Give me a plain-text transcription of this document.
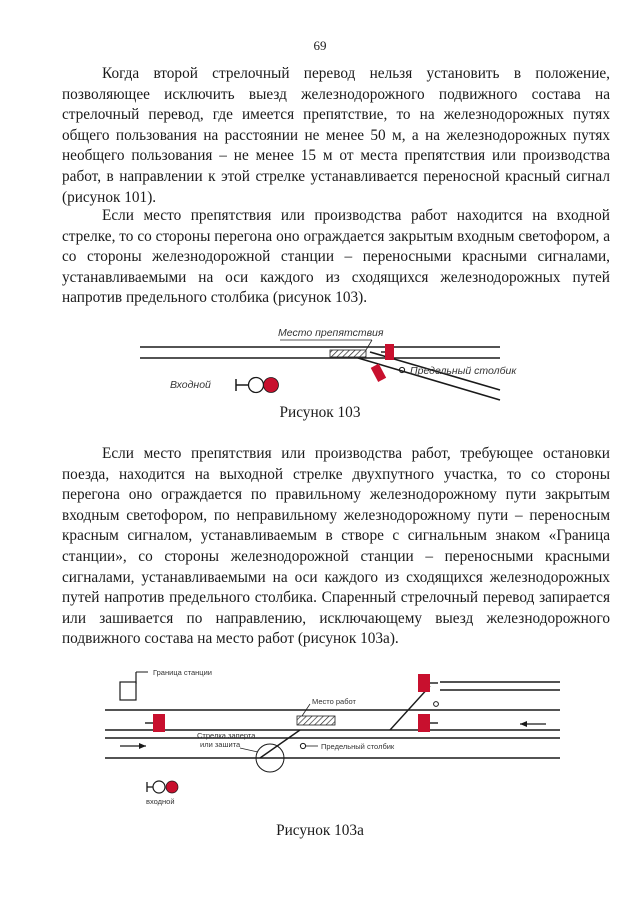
69

Когда второй стрелочный перевод нельзя установить в положение, позволяющее исключить выезд железнодорожного подвижного состава на стрелочный перевод, где имеется препятствие, то на железнодорожных путях общего пользования на расстоянии не менее 50 м, а на железнодорожных путях необщего пользования – не менее 15 м от места препятствия или производства работ, в направлении к этой стрелке устанавливается переносной красный сигнал (рисунок 101).

Если место препятствия или производства работ находится на входной стрелке, то со стороны перегона оно ограждается закрытым входным светофором, а со стороны железнодорожной станции – переносными красными сигналами, устанавливаемыми на оси каждого из сходящихся железнодорожных путей напротив предельного столбика (рисунок 103).

Место препятствия
Предельный столбик
Входной
Рисунок 103

Если место препятствия или производства работ, требующее остановки поезда, находится на выходной стрелке двухпутного участка, то со стороны перегона оно ограждается по правильному железнодорожному пути закрытым входным светофором, по неправильному железнодорожному пути – переносным красным сигналом, устанавливаемым в створе с сигнальным знаком «Граница станции», со стороны железнодорожной станции – переносными красными сигналами, устанавливаемыми на оси каждого из сходящихся железнодорожных путей напротив предельного столбика. Спаренный стрелочный перевод запирается или зашивается по направлению, исключающему выезд железнодорожного подвижного состава на место работ (рисунок 103а).

Граница станции
Место работ
Стрелка заперта
или зашита	Предельный столбик
входной
Рисунок 103а
